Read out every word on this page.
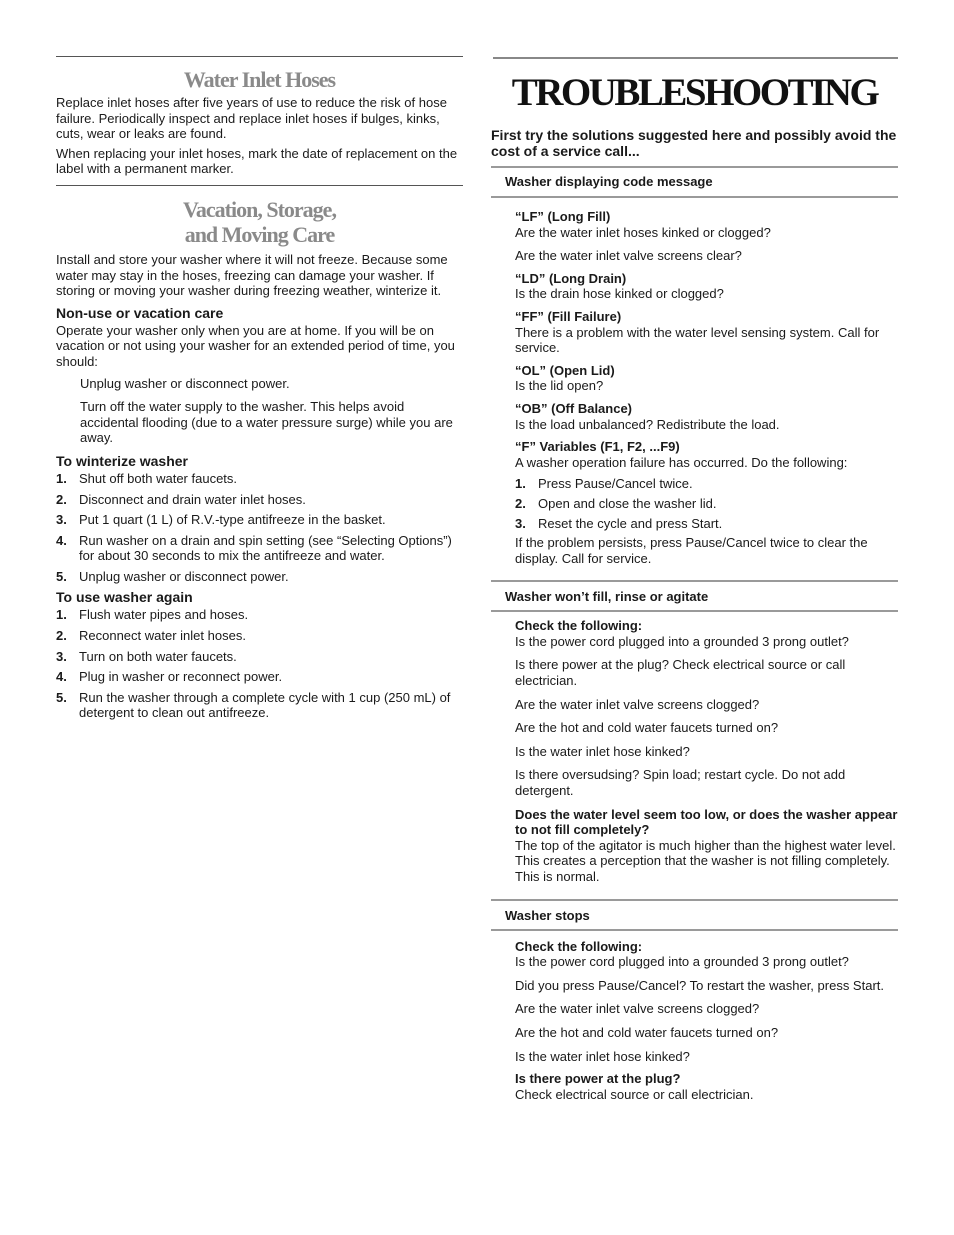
Water Inlet Hoses

Replace inlet hoses after five years of use to reduce the risk of hose failure. Periodically inspect and replace inlet hoses if bulges, kinks, cuts, wear or leaks are found.

When replacing your inlet hoses, mark the date of replacement on the label with a permanent marker.

Vacation, Storage,
and Moving Care

Install and store your washer where it will not freeze. Because some water may stay in the hoses, freezing can damage your washer. If storing or moving your washer during freezing weather, winterize it.

Non-use or vacation care

Operate your washer only when you are at home. If you will be on vacation or not using your washer for an extended period of time, you should:

Unplug washer or disconnect power.

Turn off the water supply to the washer. This helps avoid accidental flooding (due to a water pressure surge) while you are away.

To winterize washer
1. Shut off both water faucets.
2. Disconnect and drain water inlet hoses.
3. Put 1 quart (1 L) of R.V.-type antifreeze in the basket.
4. Run washer on a drain and spin setting (see “Selecting Options”) for about 30 seconds to mix the antifreeze and water.
5. Unplug washer or disconnect power.
To use washer again
1. Flush water pipes and hoses.
2. Reconnect water inlet hoses.
3. Turn on both water faucets.
4. Plug in washer or reconnect power.
5. Run the washer through a complete cycle with 1 cup (250 mL) of detergent to clean out antifreeze.
TROUBLESHOOTING
First try the solutions suggested here and possibly avoid the cost of a service call...
Washer displaying code message
“LF” (Long Fill)

Are the water inlet hoses kinked or clogged?

Are the water inlet valve screens clear?

“LD” (Long Drain)

Is the drain hose kinked or clogged?

“FF” (Fill Failure)

There is a problem with the water level sensing system. Call for service.

“OL” (Open Lid)

Is the lid open?

“OB” (Off Balance)

Is the load unbalanced? Redistribute the load.

“F” Variables (F1, F2, ...F9)

A washer operation failure has occurred. Do the following:

1. Press Pause/Cancel twice.
2. Open and close the washer lid.
3. Reset the cycle and press Start.

If the problem persists, press Pause/Cancel twice to clear the display. Call for service.

Washer won’t fill, rinse or agitate
Check the following:

Is the power cord plugged into a grounded 3 prong outlet?

Is there power at the plug? Check electrical source or call electrician.

Are the water inlet valve screens clogged?

Are the hot and cold water faucets turned on?

Is the water inlet hose kinked?

Is there oversudsing? Spin load; restart cycle. Do not add detergent.

Does the water level seem too low, or does the washer appear to not fill completely?

The top of the agitator is much higher than the highest water level. This creates a perception that the washer is not filling completely. This is normal.

Washer stops
Check the following:

Is the power cord plugged into a grounded 3 prong outlet?

Did you press Pause/Cancel? To restart the washer, press Start.

Are the water inlet valve screens clogged?

Are the hot and cold water faucets turned on?

Is the water inlet hose kinked?

Is there power at the plug?

Check electrical source or call electrician.
